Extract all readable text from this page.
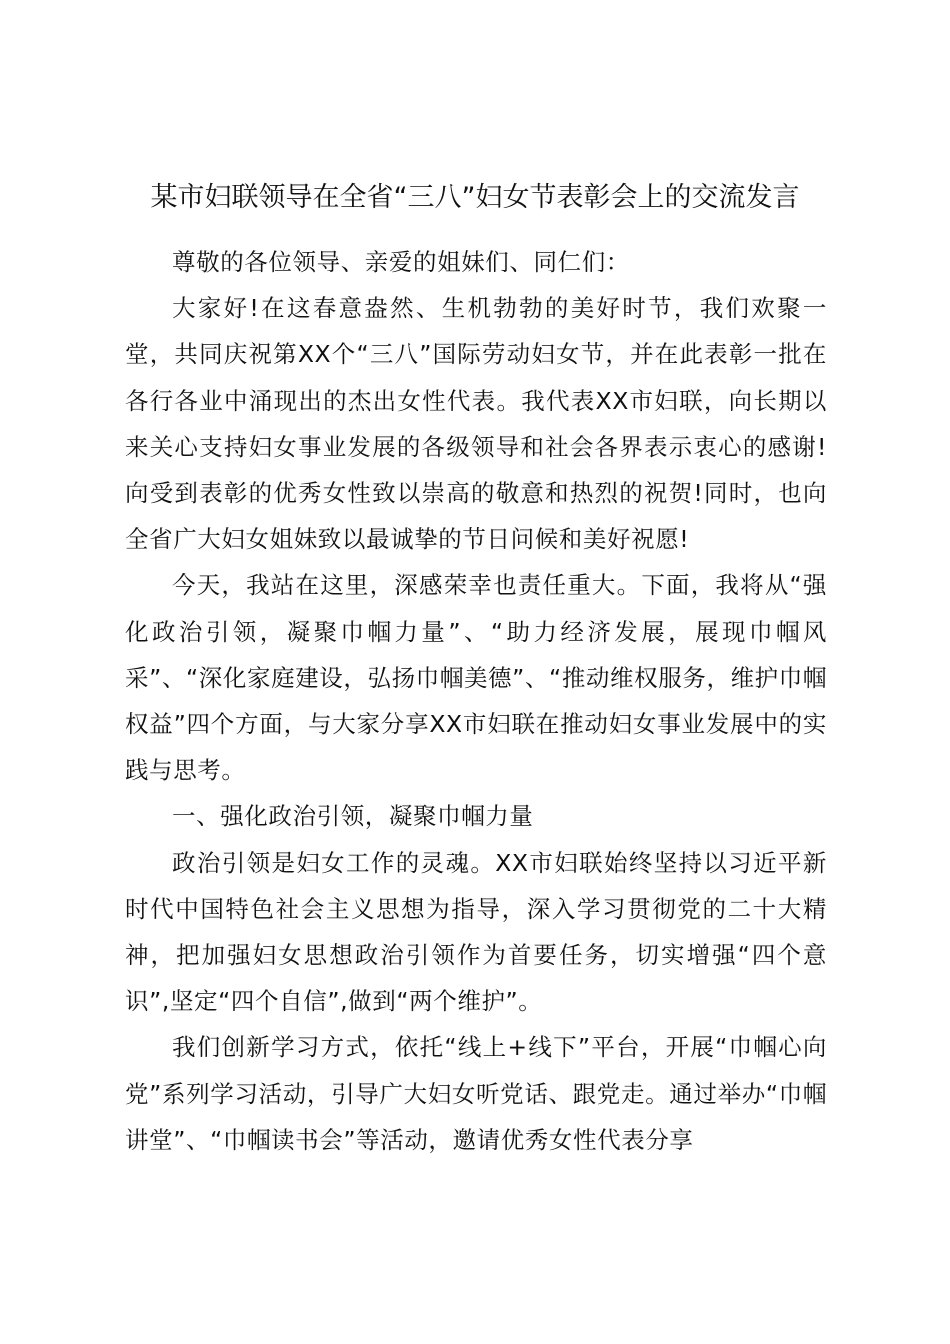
某市妇联领导在全省“三八”妇女节表彰会上的交流发言

尊敬的各位领导、亲爱的姐妹们、同仁们：

大家好!在这春意盎然、生机勃勃的美好时节，我们欢聚一堂，共同庆祝第XX个“三八”国际劳动妇女节，并在此表彰一批在各行各业中涌现出的杰出女性代表。我代表XX市妇联，向长期以来关心支持妇女事业发展的各级领导和社会各界表示衷心的感谢!向受到表彰的优秀女性致以崇高的敬意和热烈的祝贺!同时，也向全省广大妇女姐妹致以最诚挚的节日问候和美好祝愿!

今天，我站在这里，深感荣幸也责任重大。下面，我将从“强化政治引领，凝聚巾帼力量”、“助力经济发展，展现巾帼风采”、“深化家庭建设，弘扬巾帼美德”、“推动维权服务，维护巾帼权益”四个方面，与大家分享XX市妇联在推动妇女事业发展中的实践与思考。

一、强化政治引领，凝聚巾帼力量

政治引领是妇女工作的灵魂。XX市妇联始终坚持以习近平新时代中国特色社会主义思想为指导，深入学习贯彻党的二十大精神，把加强妇女思想政治引领作为首要任务，切实增强“四个意识”,坚定“四个自信”,做到“两个维护”。

我们创新学习方式，依托“线上+线下”平台，开展“巾帼心向党”系列学习活动，引导广大妇女听党话、跟党走。通过举办“巾帼讲堂”、“巾帼读书会”等活动，邀请优秀女性代表分享
